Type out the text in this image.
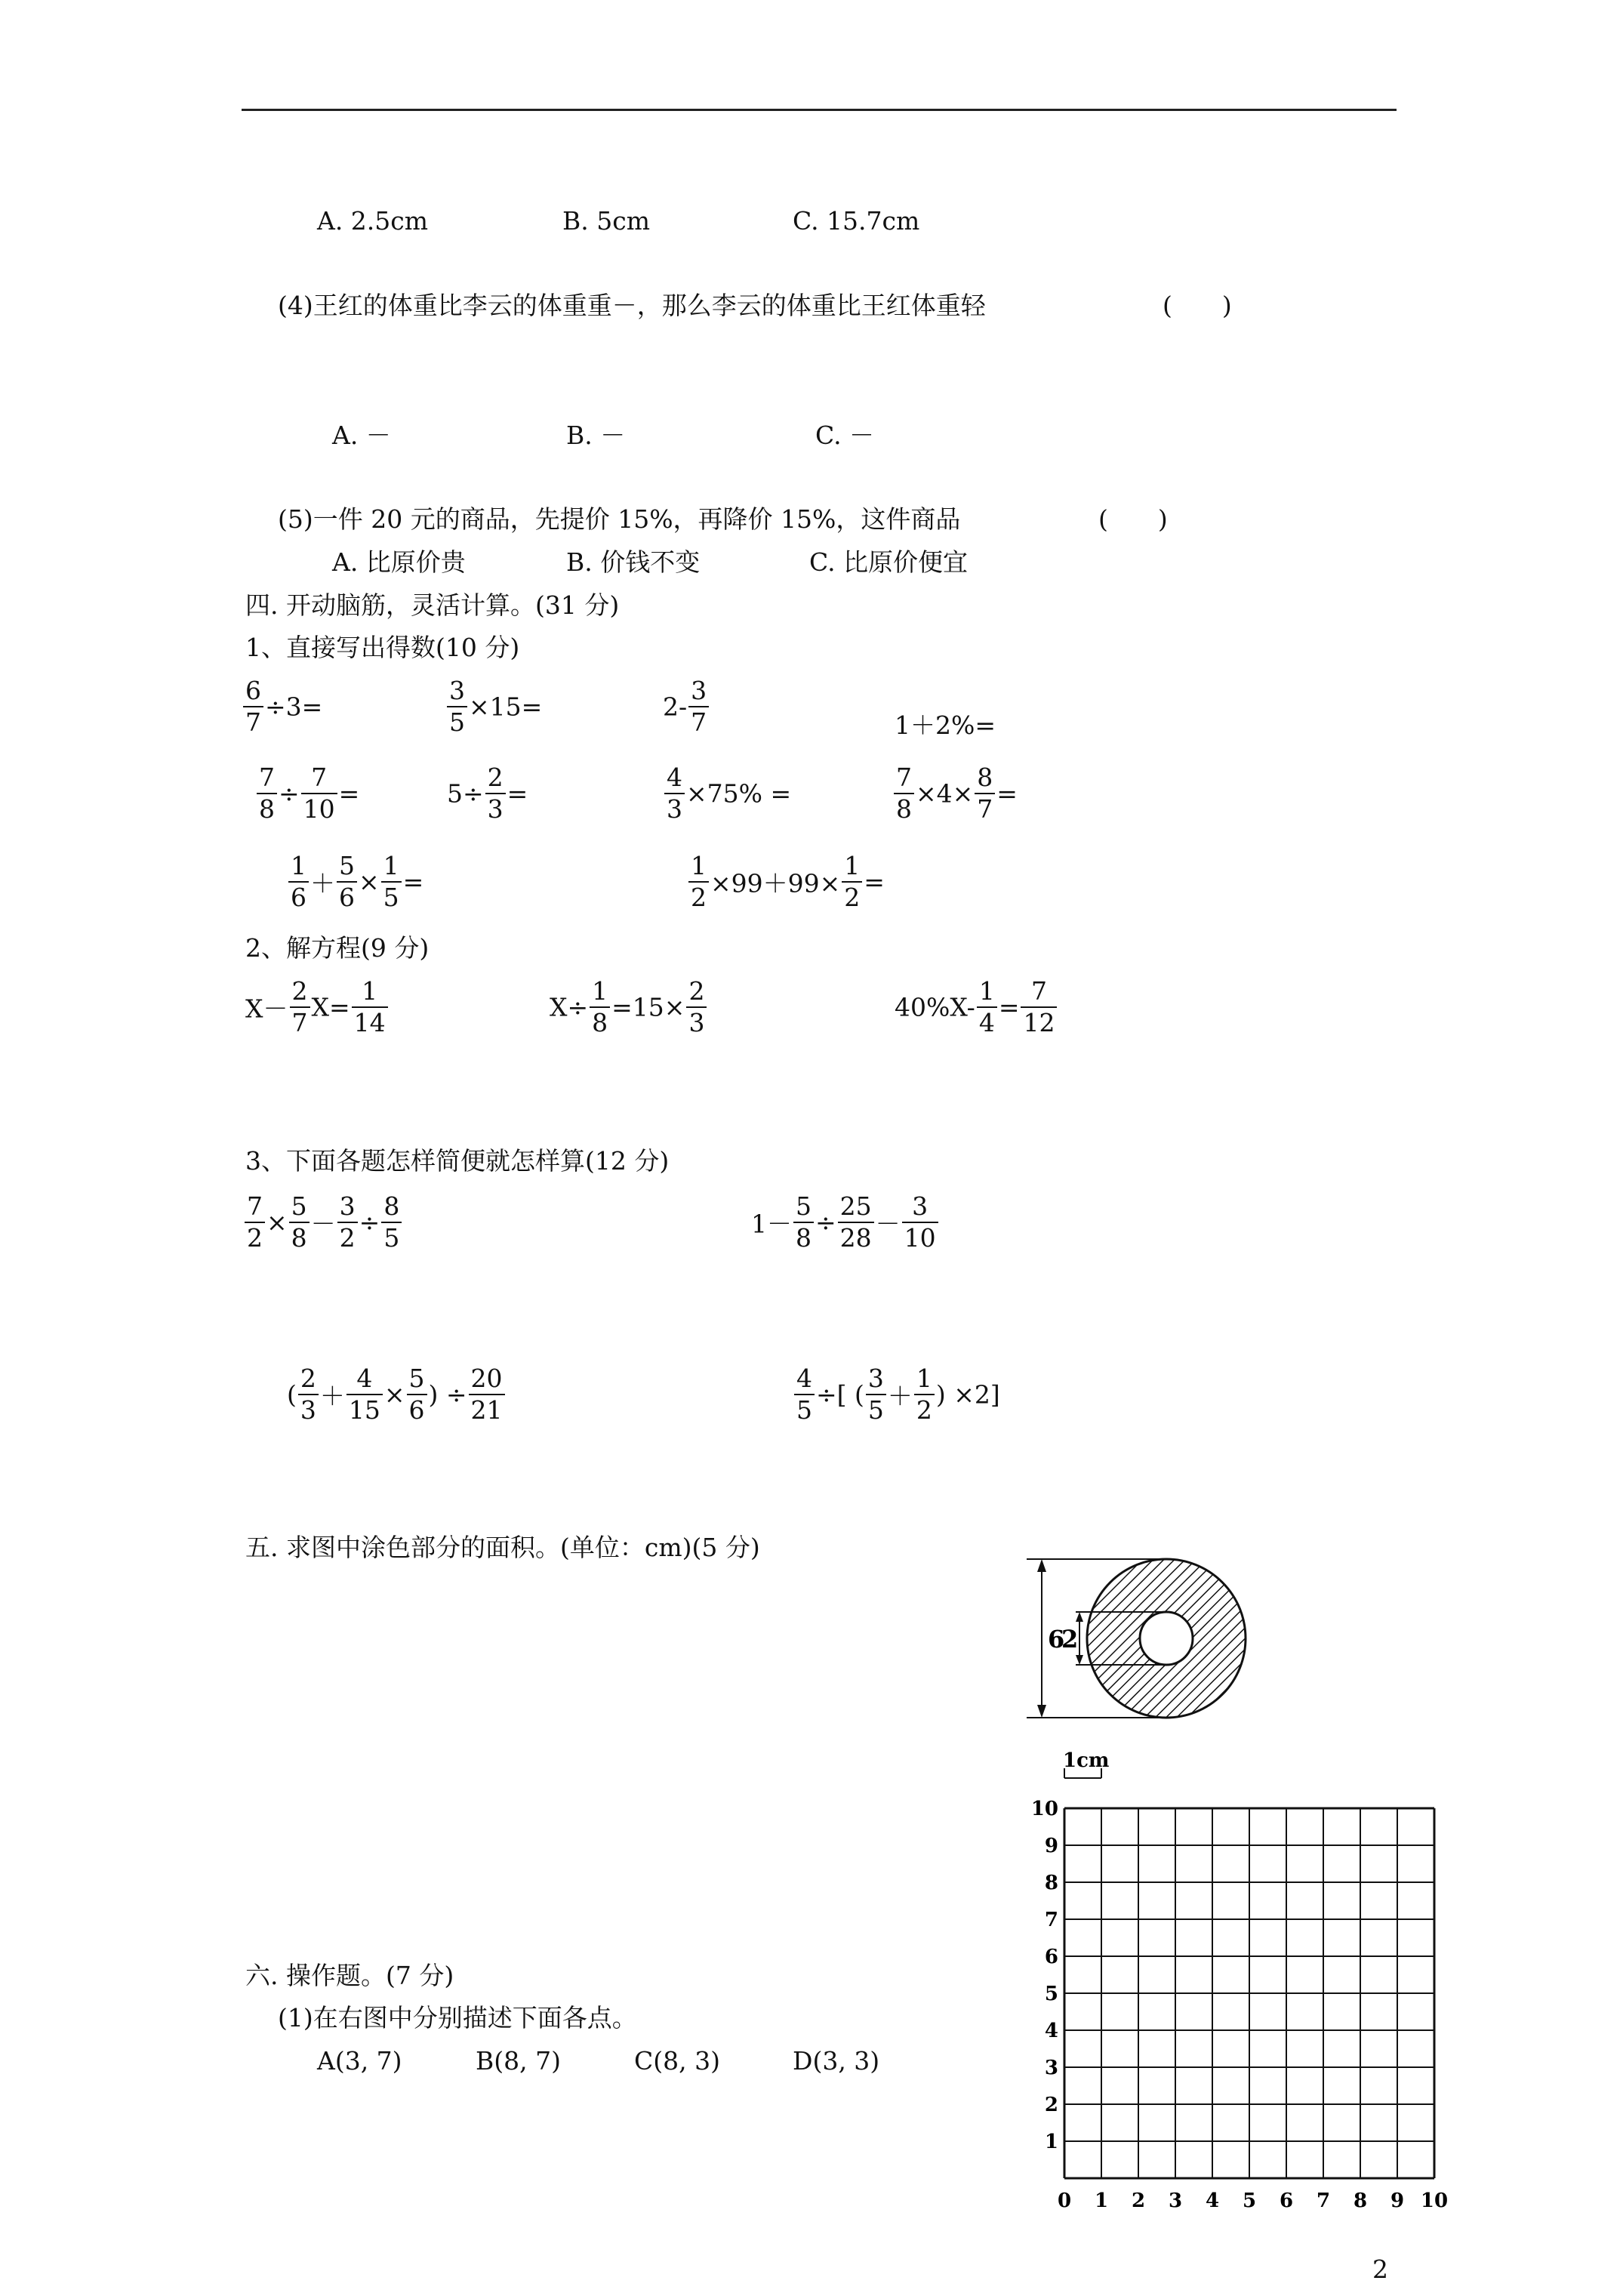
A. 2.5cm	B. 5cm	C. 15.7cm
(4)王红的体重比李云的体重重－，那么李云的体重比王红体重轻	(　　)
A. －	B. －	C. －
(5)一件 20 元的商品，先提价 15%，再降价 15%，这件商品	(　　)
A. 比原价贵	B. 价钱不变	C. 比原价便宜
四. 开动脑筋，灵活计算。(31 分)
1、直接写出得数(10 分)
$\frac{6}{7} \div 3=$	$\frac{3}{5} \times 15=$	$2- \frac{3}{7}$	1＋2%=
$\frac{7}{8} \div \frac{7}{10}$ =	$5\div \frac{2}{3}$ =	$\frac{4}{3} \times 75\%$ =	$\frac{7}{8} \times 4\times \frac{8}{7}$ =
$\frac{1}{6} + \frac{5}{6} \times \frac{1}{5}$ =	$\frac{1}{2} \times 99+99\times \frac{1}{2}$ =
2、解方程(9 分)
$X- \frac{2}{7} X= \frac{1}{14}$	$X\div \frac{1}{8} =15\times \frac{2}{3}$	$40\%X- \frac{1}{4} = \frac{7}{12}$
3、下面各题怎样简便就怎样算(12 分)
$\frac{7}{2} \times \frac{5}{8} - \frac{3}{2} \div \frac{8}{5}$	$1- \frac{5}{8} \div \frac{25}{28} - \frac{3}{10}$
( $\frac{2}{3} + \frac{4}{15} \times \frac{5}{6}$ ) ÷ $\frac{20}{21}$	$\frac{4}{5}$ ÷[ ( $\frac{3}{5} + \frac{1}{2}$ ) ×2]
五. 求图中涂色部分的面积。(单位：cm)(5 分)
6
2
六. 操作题。(7 分)
(1)在右图中分别描述下面各点。
A(3, 7)	B(8, 7)	C(8, 3)	D(3, 3)
0 1 2 3 4 5 6 7 8 9 10
1
2
3
4
5
6
7
8
9
10
1cm
2
